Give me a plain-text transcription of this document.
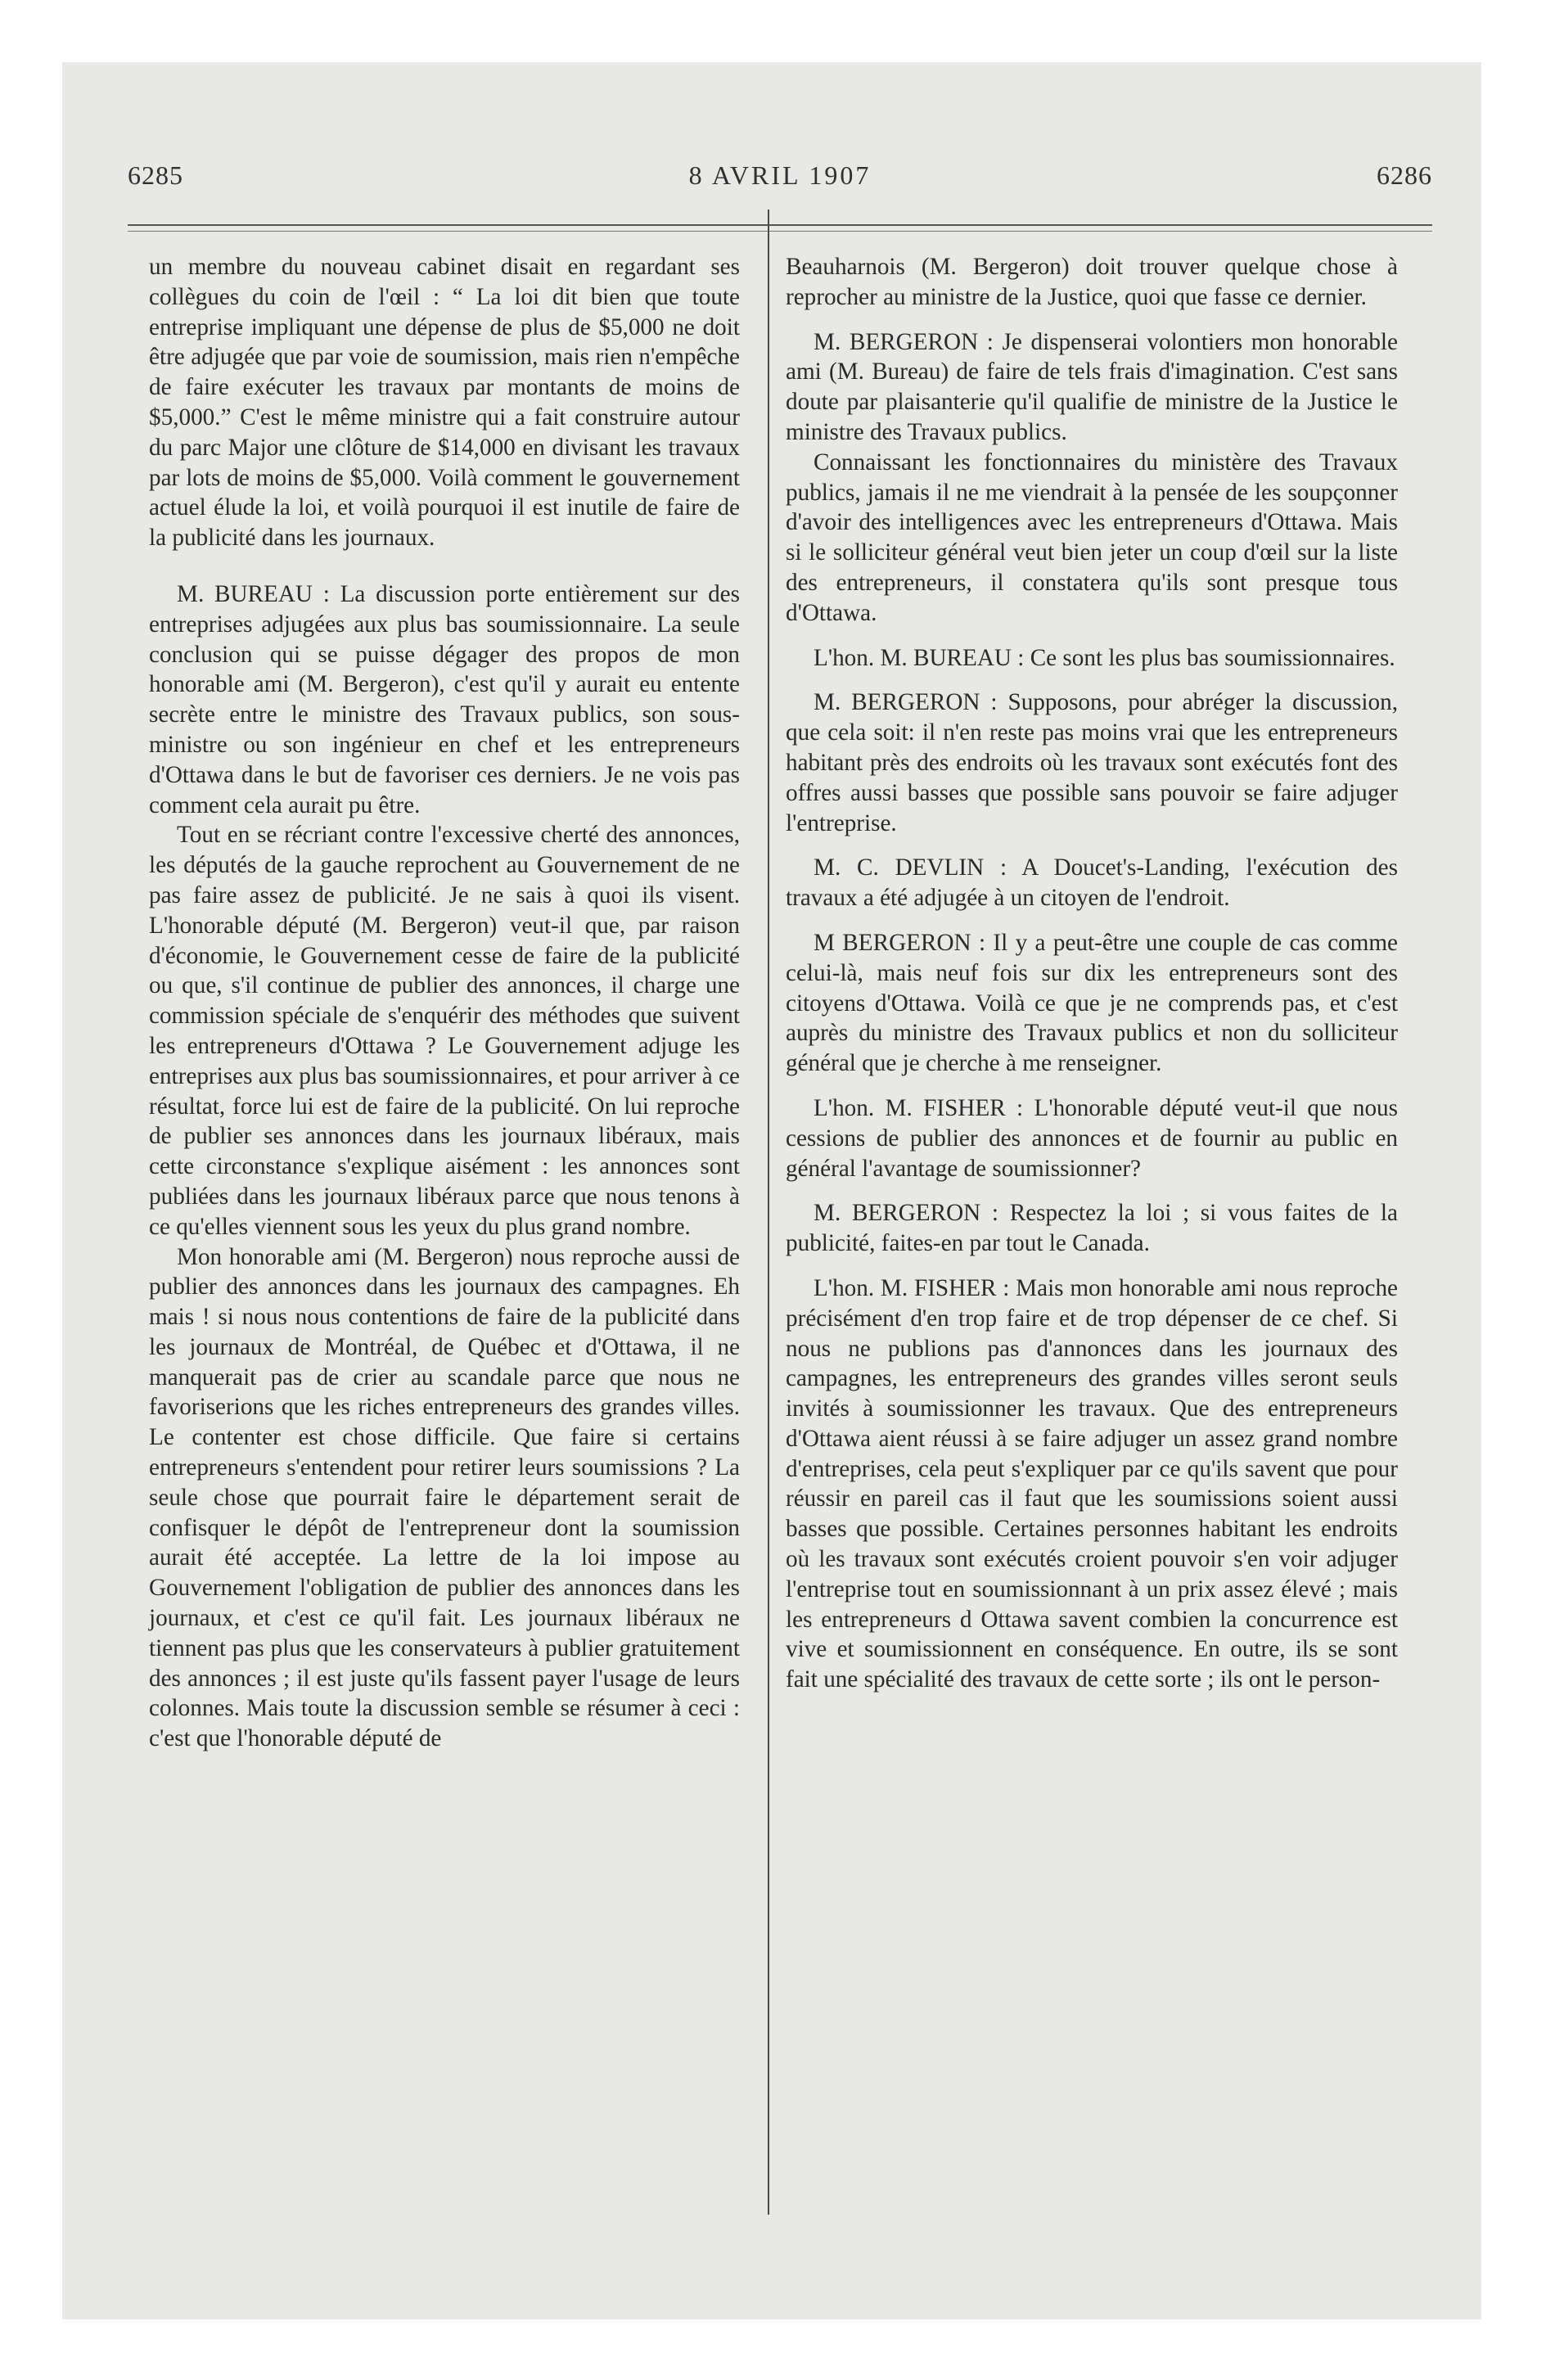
6285	8 AVRIL 1907	6286

un membre du nouveau cabinet disait en regardant ses collègues du coin de l'œil : “ La loi dit bien que toute entreprise impliquant une dépense de plus de $5,000 ne doit être adjugée que par voie de soumission, mais rien n'empêche de faire exécuter les travaux par montants de moins de $5,000.” C'est le même ministre qui a fait construire autour du parc Major une clôture de $14,000 en divisant les travaux par lots de moins de $5,000. Voilà comment le gouvernement actuel élude la loi, et voilà pourquoi il est inutile de faire de la publicité dans les journaux.

M. BUREAU : La discussion porte entièrement sur des entreprises adjugées aux plus bas soumissionnaire. La seule conclusion qui se puisse dégager des propos de mon honorable ami (M. Bergeron), c'est qu'il y aurait eu entente secrète entre le ministre des Travaux publics, son sous-ministre ou son ingénieur en chef et les entrepreneurs d'Ottawa dans le but de favoriser ces derniers. Je ne vois pas comment cela aurait pu être.

Tout en se récriant contre l'excessive cherté des annonces, les députés de la gauche reprochent au Gouvernement de ne pas faire assez de publicité. Je ne sais à quoi ils visent. L'honorable député (M. Bergeron) veut-il que, par raison d'économie, le Gouvernement cesse de faire de la publicité ou que, s'il continue de publier des annonces, il charge une commission spéciale de s'enquérir des méthodes que suivent les entrepreneurs d'Ottawa ? Le Gouvernement adjuge les entreprises aux plus bas soumissionnaires, et pour arriver à ce résultat, force lui est de faire de la publicité. On lui reproche de publier ses annonces dans les journaux libéraux, mais cette circonstance s'explique aisément : les annonces sont publiées dans les journaux libéraux parce que nous tenons à ce qu'elles viennent sous les yeux du plus grand nombre.

Mon honorable ami (M. Bergeron) nous reproche aussi de publier des annonces dans les journaux des campagnes. Eh mais ! si nous nous contentions de faire de la publicité dans les journaux de Montréal, de Québec et d'Ottawa, il ne manquerait pas de crier au scandale parce que nous ne favoriserions que les riches entrepreneurs des grandes villes. Le contenter est chose difficile. Que faire si certains entrepreneurs s'entendent pour retirer leurs soumissions ? La seule chose que pourrait faire le département serait de confisquer le dépôt de l'entrepreneur dont la soumission aurait été acceptée. La lettre de la loi impose au Gouvernement l'obligation de publier des annonces dans les journaux, et c'est ce qu'il fait. Les journaux libéraux ne tiennent pas plus que les conservateurs à publier gratuitement des annonces ; il est juste qu'ils fassent payer l'usage de leurs colonnes. Mais toute la discussion semble se résumer à ceci : c'est que l'honorable député de

Beauharnois (M. Bergeron) doit trouver quelque chose à reprocher au ministre de la Justice, quoi que fasse ce dernier.

M. BERGERON : Je dispenserai volontiers mon honorable ami (M. Bureau) de faire de tels frais d'imagination. C'est sans doute par plaisanterie qu'il qualifie de ministre de la Justice le ministre des Travaux publics.

Connaissant les fonctionnaires du ministère des Travaux publics, jamais il ne me viendrait à la pensée de les soupçonner d'avoir des intelligences avec les entrepreneurs d'Ottawa. Mais si le solliciteur général veut bien jeter un coup d'œil sur la liste des entrepreneurs, il constatera qu'ils sont presque tous d'Ottawa.

L'hon. M. BUREAU : Ce sont les plus bas soumissionnaires.

M. BERGERON : Supposons, pour abréger la discussion, que cela soit: il n'en reste pas moins vrai que les entrepreneurs habitant près des endroits où les travaux sont exécutés font des offres aussi basses que possible sans pouvoir se faire adjuger l'entreprise.

M. C. DEVLIN : A Doucet's-Landing, l'exécution des travaux a été adjugée à un citoyen de l'endroit.

M BERGERON : Il y a peut-être une couple de cas comme celui-là, mais neuf fois sur dix les entrepreneurs sont des citoyens d'Ottawa. Voilà ce que je ne comprends pas, et c'est auprès du ministre des Travaux publics et non du solliciteur général que je cherche à me renseigner.

L'hon. M. FISHER : L'honorable député veut-il que nous cessions de publier des annonces et de fournir au public en général l'avantage de soumissionner?

M. BERGERON : Respectez la loi ; si vous faites de la publicité, faites-en par tout le Canada.

L'hon. M. FISHER : Mais mon honorable ami nous reproche précisément d'en trop faire et de trop dépenser de ce chef. Si nous ne publions pas d'annonces dans les journaux des campagnes, les entrepreneurs des grandes villes seront seuls invités à soumissionner les travaux. Que des entrepreneurs d'Ottawa aient réussi à se faire adjuger un assez grand nombre d'entreprises, cela peut s'expliquer par ce qu'ils savent que pour réussir en pareil cas il faut que les soumissions soient aussi basses que possible. Certaines personnes habitant les endroits où les travaux sont exécutés croient pouvoir s'en voir adjuger l'entreprise tout en soumissionnant à un prix assez élevé ; mais les entrepreneurs d Ottawa savent combien la concurrence est vive et soumissionnent en conséquence. En outre, ils se sont fait une spécialité des travaux de cette sorte ; ils ont le person-
